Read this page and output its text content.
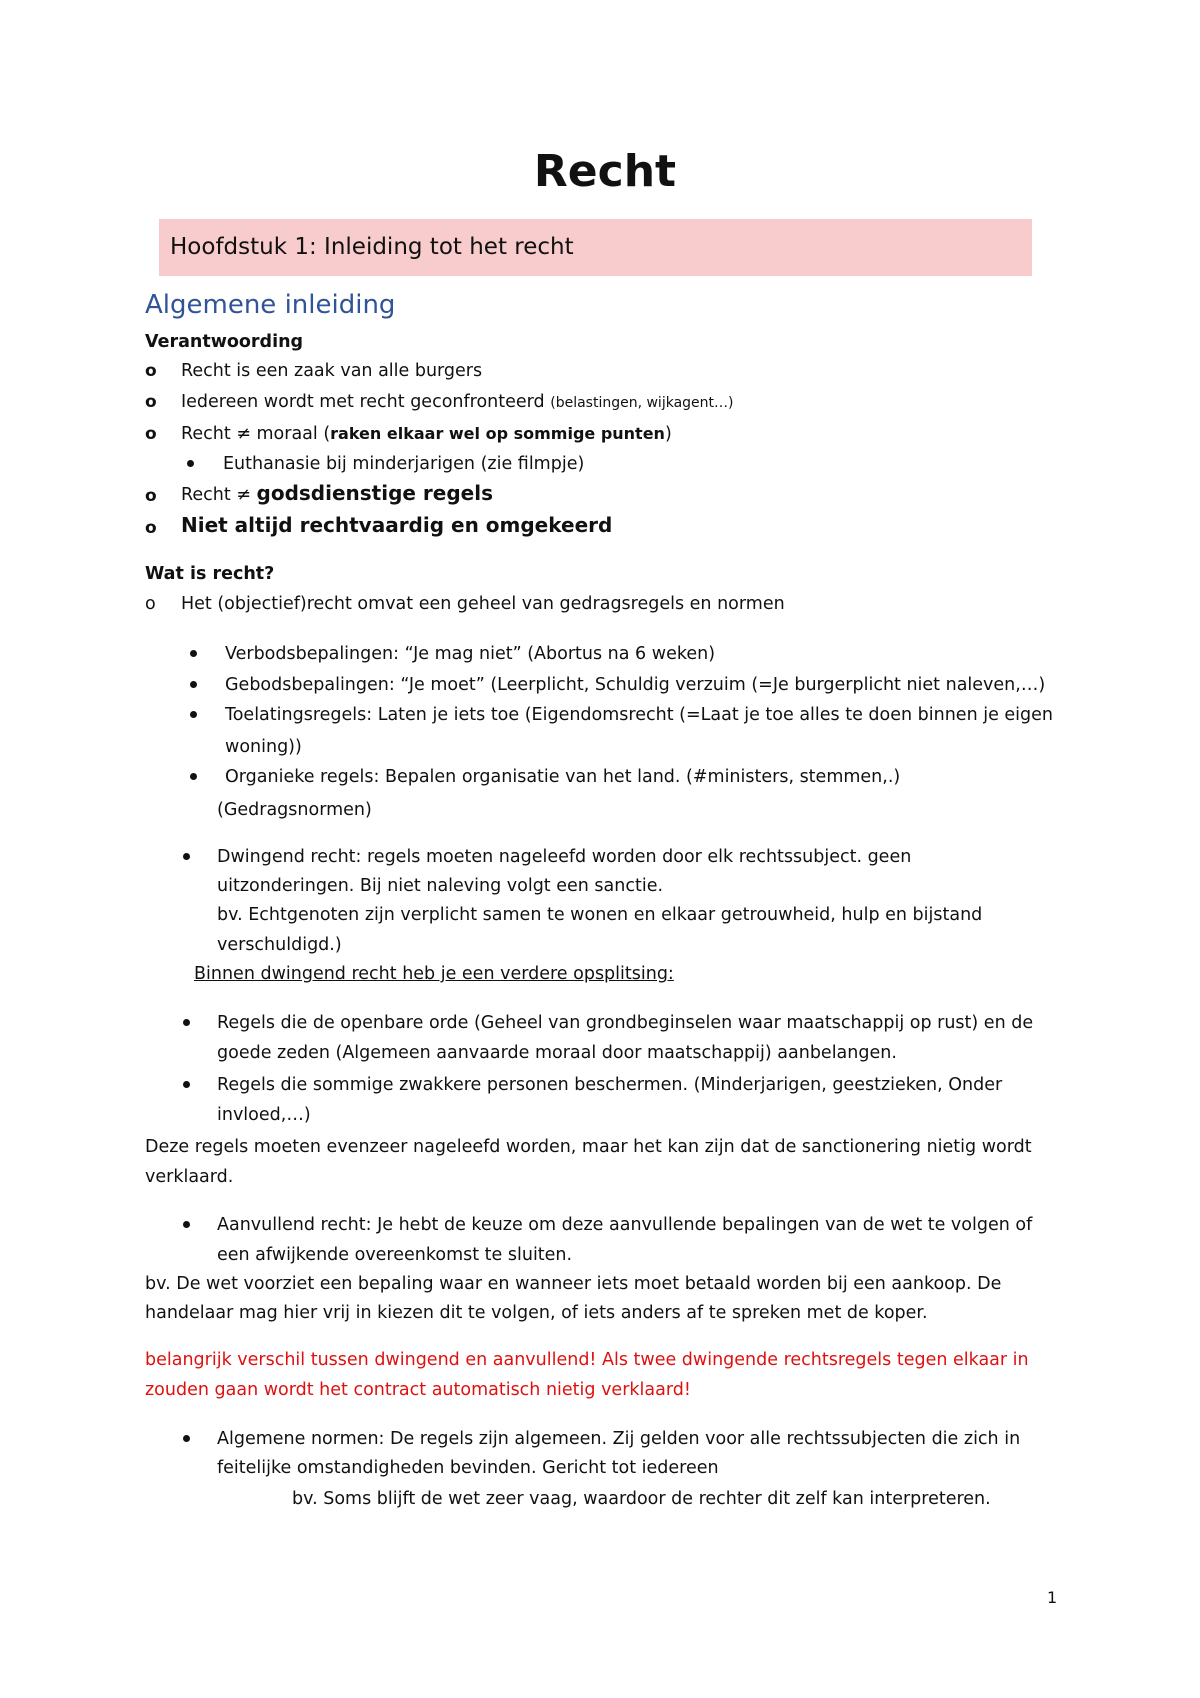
Recht
Hoofdstuk 1: Inleiding tot het recht
Algemene inleiding
Verantwoording
o Recht is een zaak van alle burgers
o Iedereen wordt met recht geconfronteerd (belastingen, wijkagent…)
o Recht ≠ moraal (raken elkaar wel op sommige punten)
Euthanasie bij minderjarigen (zie filmpje)
o Recht ≠ godsdienstige regels
o Niet altijd rechtvaardig en omgekeerd
Wat is recht?
o Het (objectief)recht omvat een geheel van gedragsregels en normen
Verbodsbepalingen: “Je mag niet” (Abortus na 6 weken)
Gebodsbepalingen: “Je moet” (Leerplicht, Schuldig verzuim (=Je burgerplicht niet naleven,…)
Toelatingsregels: Laten je iets toe (Eigendomsrecht (=Laat je toe alles te doen binnen je eigen
woning))
Organieke regels: Bepalen organisatie van het land. (#ministers, stemmen,.)
(Gedragsnormen)
Dwingend recht: regels moeten nageleefd worden door elk rechtssubject. geen
uitzonderingen. Bij niet naleving volgt een sanctie.
bv. Echtgenoten zijn verplicht samen te wonen en elkaar getrouwheid, hulp en bijstand
verschuldigd.)
Binnen dwingend recht heb je een verdere opsplitsing:
Regels die de openbare orde (Geheel van grondbeginselen waar maatschappij op rust) en de
goede zeden (Algemeen aanvaarde moraal door maatschappij) aanbelangen.
Regels die sommige zwakkere personen beschermen. (Minderjarigen, geestzieken, Onder
invloed,…)
Deze regels moeten evenzeer nageleefd worden, maar het kan zijn dat de sanctionering nietig wordt
verklaard.
Aanvullend recht: Je hebt de keuze om deze aanvullende bepalingen van de wet te volgen of
een afwijkende overeenkomst te sluiten.
bv. De wet voorziet een bepaling waar en wanneer iets moet betaald worden bij een aankoop. De
handelaar mag hier vrij in kiezen dit te volgen, of iets anders af te spreken met de koper.
belangrijk verschil tussen dwingend en aanvullend! Als twee dwingende rechtsregels tegen elkaar in
zouden gaan wordt het contract automatisch nietig verklaard!
Algemene normen: De regels zijn algemeen. Zij gelden voor alle rechtssubjecten die zich in
feitelijke omstandigheden bevinden. Gericht tot iedereen
bv. Soms blijft de wet zeer vaag, waardoor de rechter dit zelf kan interpreteren.
1
